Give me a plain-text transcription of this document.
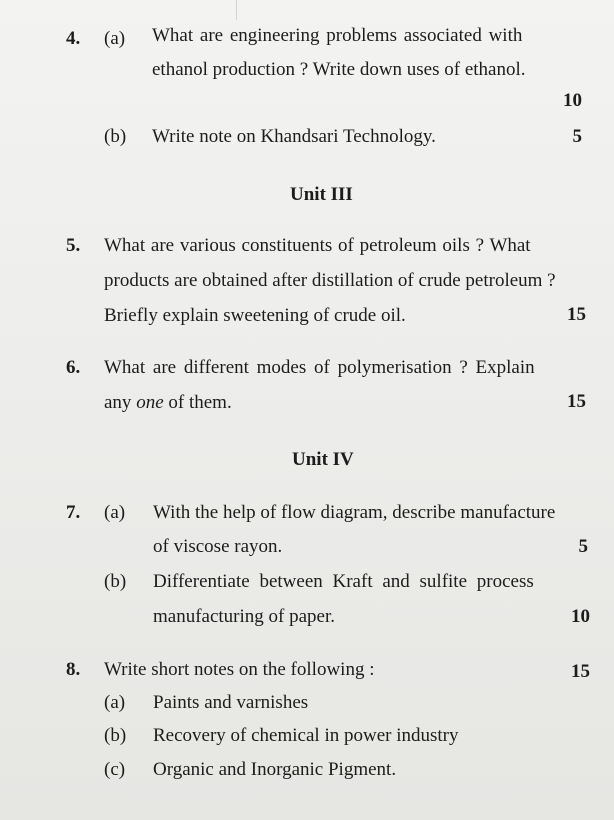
4. (a) What are engineering problems associated with
ethanol production ? Write down uses of ethanol.
10
(b) Write note on Khandsari Technology.	5
Unit III
5. What are various constituents of petroleum oils ? What
products are obtained after distillation of crude petroleum ?
Briefly explain sweetening of crude oil.	15
6. What are different modes of polymerisation ? Explain
any one of them.	15
Unit IV
7. (a) With the help of flow diagram, describe manufacture
of viscose rayon.	5
(b) Differentiate between Kraft and sulfite process
manufacturing of paper.	10
8. Write short notes on the following :	15
(a) Paints and varnishes
(b) Recovery of chemical in power industry
(c) Organic and Inorganic Pigment.
